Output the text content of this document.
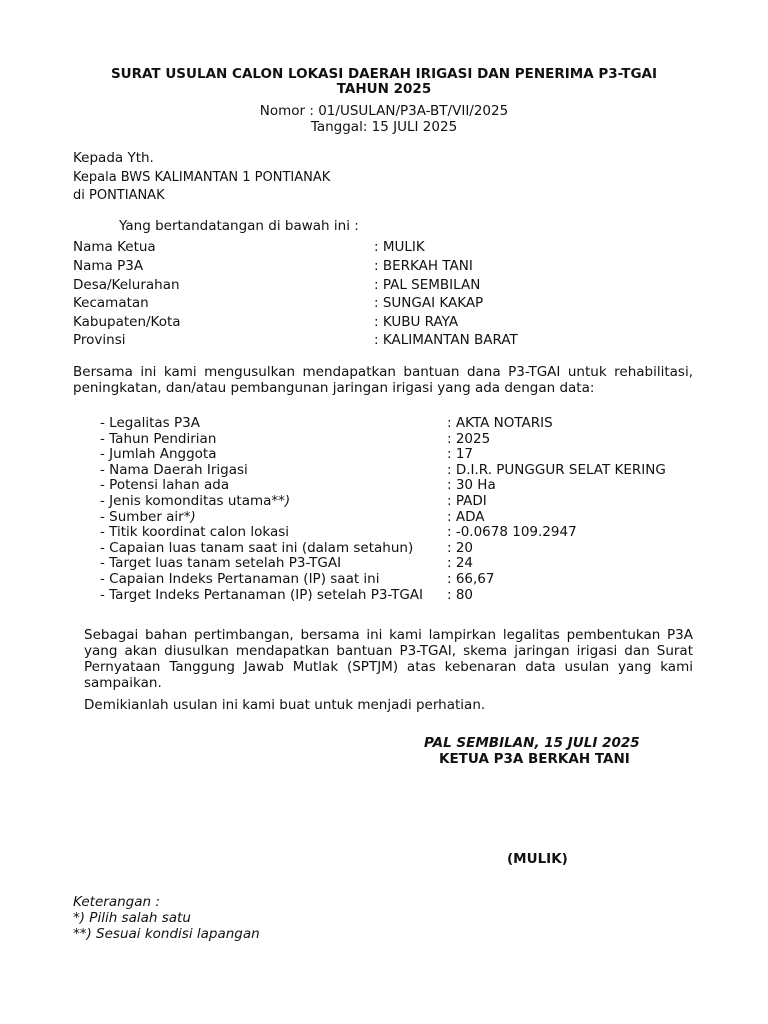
SURAT USULAN CALON LOKASI DAERAH IRIGASI DAN PENERIMA P3-TGAI
TAHUN 2025
Nomor : 01/USULAN/P3A-BT/VII/2025
Tanggal: 15 JULI 2025
Kepada Yth.
Kepala BWS KALIMANTAN 1 PONTIANAK
di PONTIANAK
Yang bertandatangan di bawah ini :
Nama Ketua	: MULIK
Nama P3A	: BERKAH TANI
Desa/Kelurahan	: PAL SEMBILAN
Kecamatan	: SUNGAI KAKAP
Kabupaten/Kota	: KUBU RAYA
Provinsi	: KALIMANTAN BARAT
Bersama ini kami mengusulkan mendapatkan bantuan dana P3-TGAI untuk rehabilitasi, peningkatan, dan/atau pembangunan jaringan irigasi yang ada dengan data:
- Legalitas P3A	: AKTA NOTARIS
- Tahun Pendirian	: 2025
- Jumlah Anggota	: 17
- Nama Daerah Irigasi	: D.I.R. PUNGGUR SELAT KERING
- Potensi lahan ada	: 30 Ha
- Jenis komonditas utama**)	: PADI
- Sumber air*)	: ADA
- Titik koordinat calon lokasi	: -0.0678 109.2947
- Capaian luas tanam saat ini (dalam setahun)	: 20
- Target luas tanam setelah P3-TGAI	: 24
- Capaian Indeks Pertanaman (IP) saat ini	: 66,67
- Target Indeks Pertanaman (IP) setelah P3-TGAI : 80
Sebagai bahan pertimbangan, bersama ini kami lampirkan legalitas pembentukan P3A yang akan diusulkan mendapatkan bantuan P3-TGAI, skema jaringan irigasi dan Surat Pernyataan Tanggung Jawab Mutlak (SPTJM) atas kebenaran data usulan yang kami sampaikan.
Demikianlah usulan ini kami buat untuk menjadi perhatian.
PAL SEMBILAN, 15 JULI 2025
KETUA P3A BERKAH TANI
(MULIK)
Keterangan :
*) Pilih salah satu
**) Sesuai kondisi lapangan
